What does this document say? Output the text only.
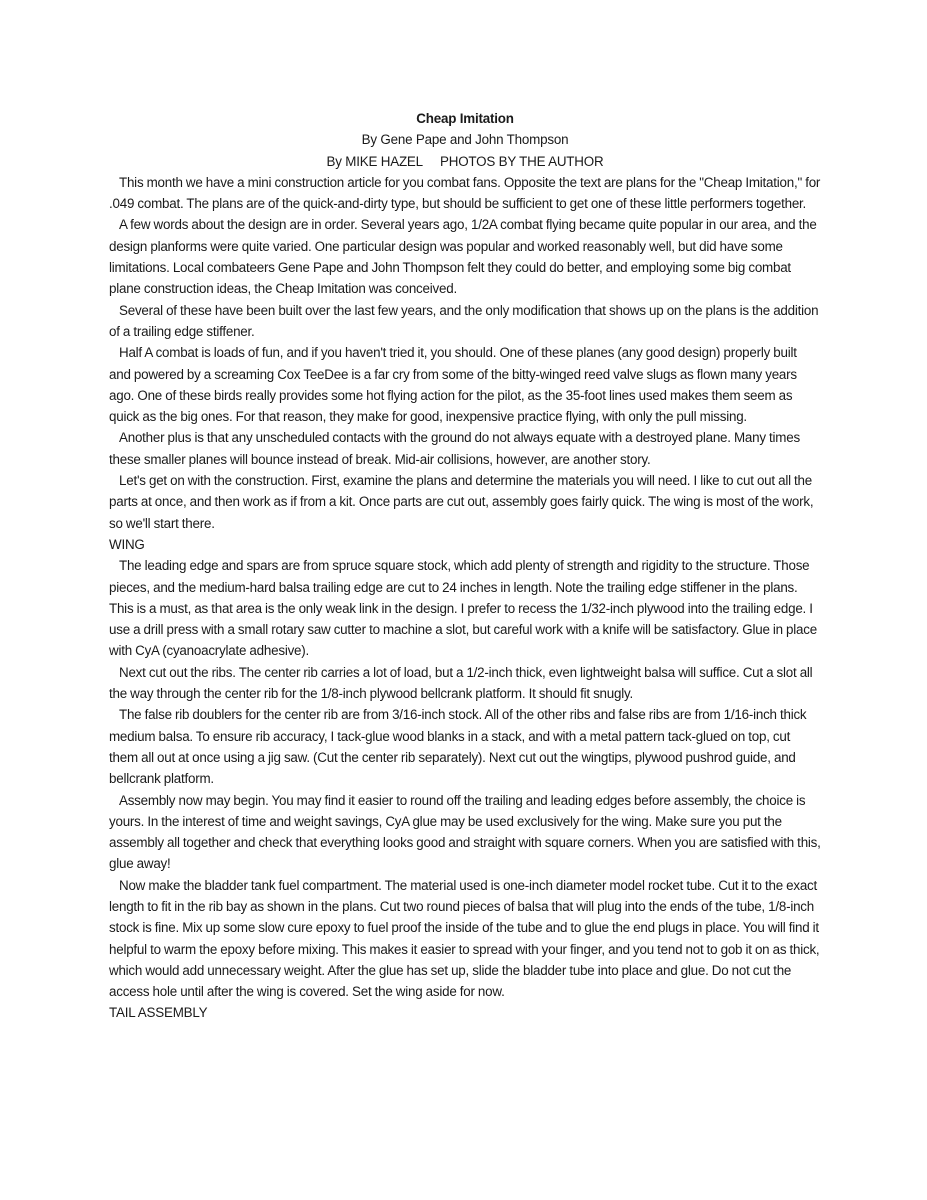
Cheap Imitation

By Gene Pape and John Thompson

By MIKE HAZEL     PHOTOS BY THE AUTHOR

This month we have a mini construction article for you combat fans. Opposite the text are plans for the "Cheap Imitation," for .049 combat. The plans are of the quick-and-dirty type, but should be sufficient to get one of these little performers together.

A few words about the design are in order. Several years ago, 1/2A combat flying became quite popular in our area, and the design planforms were quite varied. One particular design was popular and worked reasonably well, but did have some limitations. Local combateers Gene Pape and John Thompson felt they could do better, and employing some big combat plane construction ideas, the Cheap Imitation was conceived.

Several of these have been built over the last few years, and the only modification that shows up on the plans is the addition of a trailing edge stiffener.

Half A combat is loads of fun, and if you haven't tried it, you should. One of these planes (any good design) properly built and powered by a screaming Cox TeeDee is a far cry from some of the bitty-winged reed valve slugs as flown many years ago. One of these birds really provides some hot flying action for the pilot, as the 35-foot lines used makes them seem as quick as the big ones. For that reason, they make for good, inexpensive practice flying, with only the pull missing.

Another plus is that any unscheduled contacts with the ground do not always equate with a destroyed plane. Many times these smaller planes will bounce instead of break. Mid-air collisions, however, are another story.

Let's get on with the construction. First, examine the plans and determine the materials you will need. I like to cut out all the parts at once, and then work as if from a kit. Once parts are cut out, assembly goes fairly quick. The wing is most of the work, so we'll start there.

WING

The leading edge and spars are from spruce square stock, which add plenty of strength and rigidity to the structure. Those pieces, and the medium-hard balsa trailing edge are cut to 24 inches in length. Note the trailing edge stiffener in the plans. This is a must, as that area is the only weak link in the design. I prefer to recess the 1/32-inch plywood into the trailing edge. I use a drill press with a small rotary saw cutter to machine a slot, but careful work with a knife will be satisfactory. Glue in place with CyA (cyanoacrylate adhesive).

Next cut out the ribs. The center rib carries a lot of load, but a 1/2-inch thick, even lightweight balsa will suffice. Cut a slot all the way through the center rib for the 1/8-inch plywood bellcrank platform. It should fit snugly.

The false rib doublers for the center rib are from 3/16-inch stock. All of the other ribs and false ribs are from 1/16-inch thick medium balsa. To ensure rib accuracy, I tack-glue wood blanks in a stack, and with a metal pattern tack-glued on top, cut them all out at once using a jig saw. (Cut the center rib separately). Next cut out the wingtips, plywood pushrod guide, and bellcrank platform.

Assembly now may begin. You may find it easier to round off the trailing and leading edges before assembly, the choice is yours. In the interest of time and weight savings, CyA glue may be used exclusively for the wing. Make sure you put the assembly all together and check that everything looks good and straight with square corners. When you are satisfied with this, glue away!

Now make the bladder tank fuel compartment. The material used is one-inch diameter model rocket tube. Cut it to the exact length to fit in the rib bay as shown in the plans. Cut two round pieces of balsa that will plug into the ends of the tube, 1/8-inch stock is fine. Mix up some slow cure epoxy to fuel proof the inside of the tube and to glue the end plugs in place. You will find it helpful to warm the epoxy before mixing. This makes it easier to spread with your finger, and you tend not to gob it on as thick, which would add unnecessary weight. After the glue has set up, slide the bladder tube into place and glue. Do not cut the access hole until after the wing is covered. Set the wing aside for now.

TAIL ASSEMBLY
